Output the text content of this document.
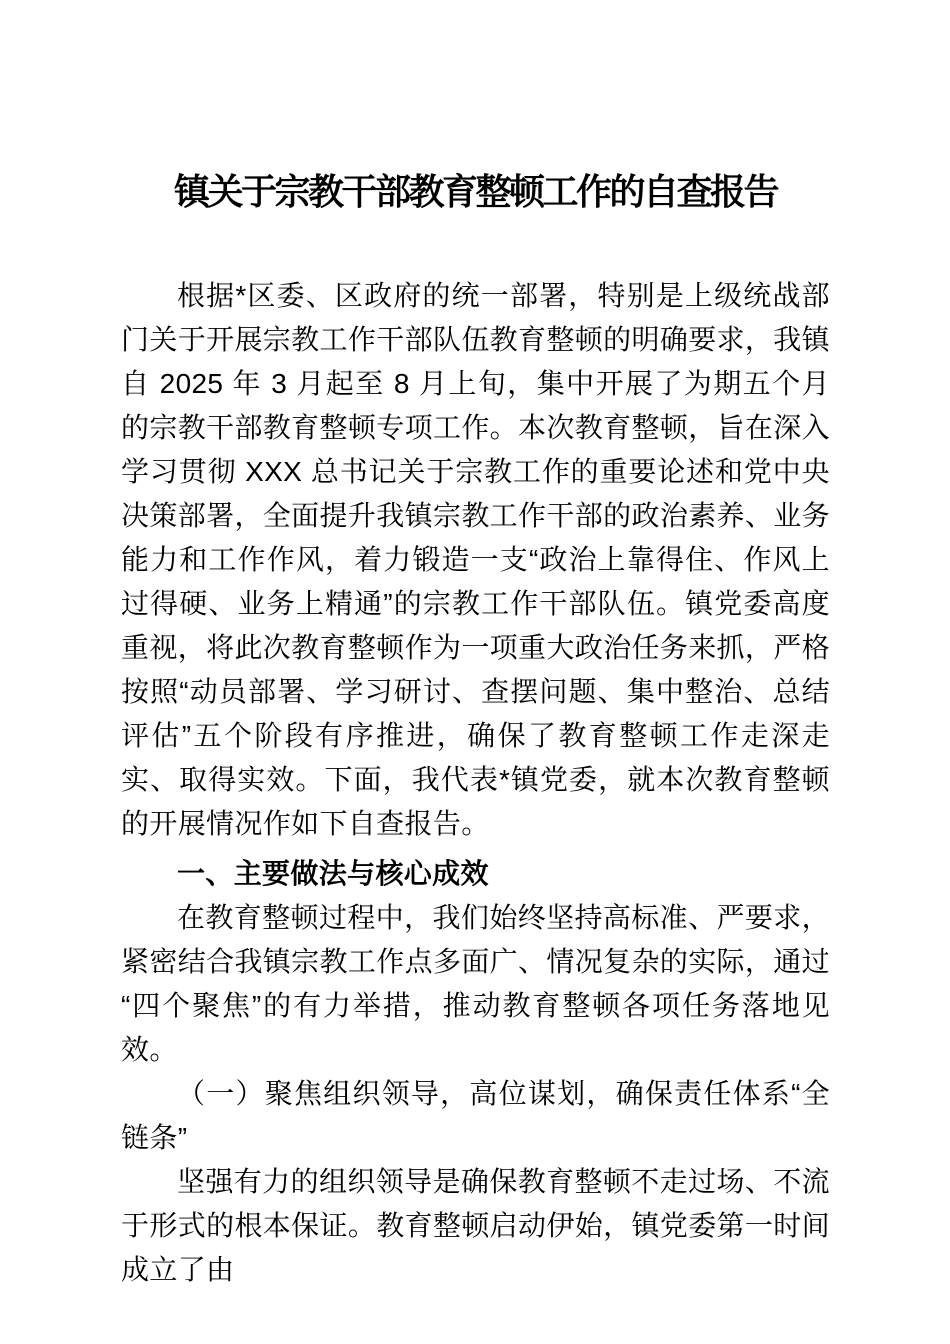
镇关于宗教干部教育整顿工作的自查报告

根据*区委、区政府的统一部署，特别是上级统战部门关于开展宗教工作干部队伍教育整顿的明确要求，我镇自 2025 年 3 月起至 8 月上旬，集中开展了为期五个月的宗教干部教育整顿专项工作。本次教育整顿，旨在深入学习贯彻 XXX 总书记关于宗教工作的重要论述和党中央决策部署，全面提升我镇宗教工作干部的政治素养、业务能力和工作作风，着力锻造一支“政治上靠得住、作风上过得硬、业务上精通”的宗教工作干部队伍。镇党委高度重视，将此次教育整顿作为一项重大政治任务来抓，严格按照“动员部署、学习研讨、查摆问题、集中整治、总结评估”五个阶段有序推进，确保了教育整顿工作走深走实、取得实效。下面，我代表*镇党委，就本次教育整顿的开展情况作如下自查报告。

一、主要做法与核心成效

在教育整顿过程中，我们始终坚持高标准、严要求，紧密结合我镇宗教工作点多面广、情况复杂的实际，通过“四个聚焦”的有力举措，推动教育整顿各项任务落地见效。

（一）聚焦组织领导，高位谋划，确保责任体系“全链条”

坚强有力的组织领导是确保教育整顿不走过场、不流于形式的根本保证。教育整顿启动伊始，镇党委第一时间成立了由
